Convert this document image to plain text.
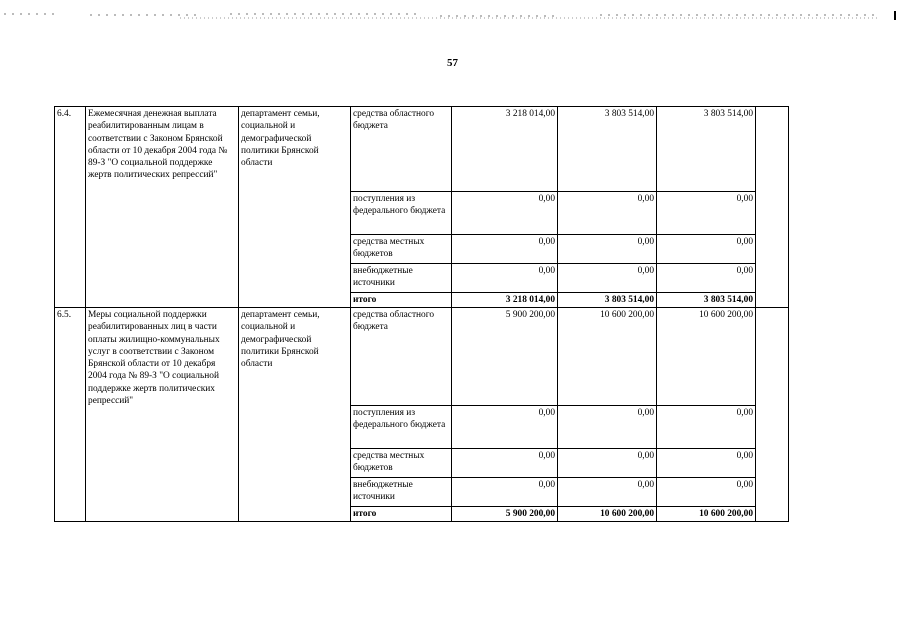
57
6.4.	Ежемесячная денежная выплата реабилитированным лицам в соответствии с Законом Брянской области от 10 декабря 2004 года № 89-З "О социальной поддержке жертв политических репрессий"	департамент семьи, социальной и демографической политики Брянской области	средства областного бюджета	3 218 014,00	3 803 514,00	3 803 514,00	
			поступления из федерального бюджета	0,00	0,00	0,00	
			средства местных бюджетов	0,00	0,00	0,00	
			внебюджетные источники	0,00	0,00	0,00	
			итого	3 218 014,00	3 803 514,00	3 803 514,00	
6.5.	Меры социальной поддержки реабилитированных лиц в части оплаты жилищно-коммунальных услуг в соответствии с Законом Брянской области от 10 декабря 2004 года № 89-З "О социальной поддержке жертв политических репрессий"	департамент семьи, социальной и демографической политики Брянской области	средства областного бюджета	5 900 200,00	10 600 200,00	10 600 200,00	
			поступления из федерального бюджета	0,00	0,00	0,00	
			средства местных бюджетов	0,00	0,00	0,00	
			внебюджетные источники	0,00	0,00	0,00	
			итого	5 900 200,00	10 600 200,00	10 600 200,00	
